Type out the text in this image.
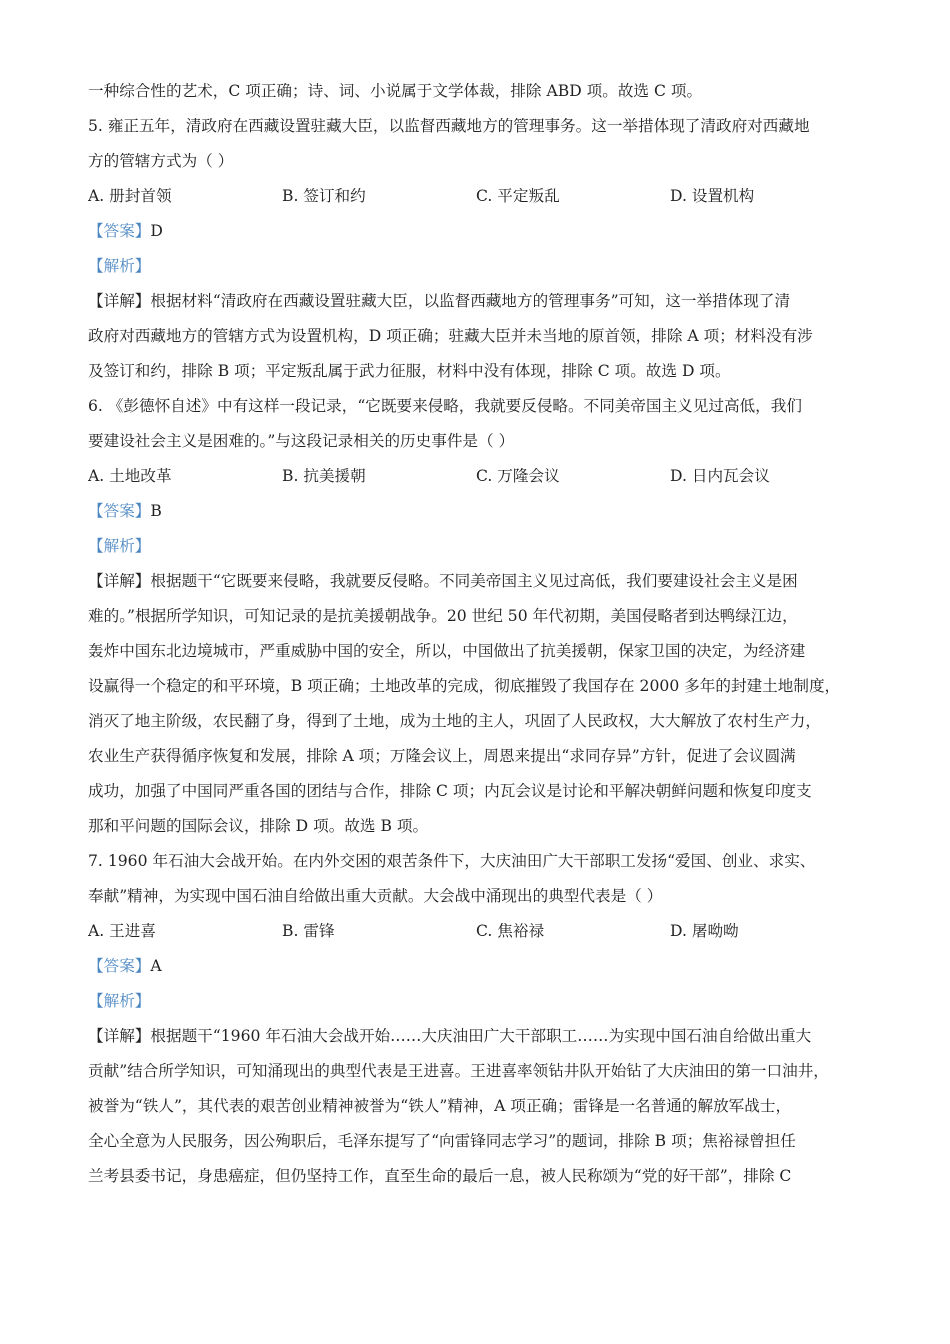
一种综合性的艺术，C 项正确；诗、词、小说属于文学体裁，排除 ABD 项。故选 C 项。
5. 雍正五年，清政府在西藏设置驻藏大臣，以监督西藏地方的管理事务。这一举措体现了清政府对西藏地
方的管辖方式为（ ）
A. 册封首领	B. 签订和约	C. 平定叛乱	D. 设置机构
【答案】D
【解析】
【详解】根据材料“清政府在西藏设置驻藏大臣，以监督西藏地方的管理事务”可知，这一举措体现了清
政府对西藏地方的管辖方式为设置机构，D 项正确；驻藏大臣并未当地的原首领，排除 A 项；材料没有涉
及签订和约，排除 B 项；平定叛乱属于武力征服，材料中没有体现，排除 C 项。故选 D 项。
6. 《彭德怀自述》中有这样一段记录，“它既要来侵略，我就要反侵略。不同美帝国主义见过高低，我们
要建设社会主义是困难的。”与这段记录相关的历史事件是（ ）
A. 土地改革	B. 抗美援朝	C. 万隆会议	D. 日内瓦会议
【答案】B
【解析】
【详解】根据题干“它既要来侵略，我就要反侵略。不同美帝国主义见过高低，我们要建设社会主义是困
难的。”根据所学知识，可知记录的是抗美援朝战争。20 世纪 50 年代初期，美国侵略者到达鸭绿江边，
轰炸中国东北边境城市，严重威胁中国的安全，所以，中国做出了抗美援朝，保家卫国的决定，为经济建
设赢得一个稳定的和平环境，B 项正确；土地改革的完成，彻底摧毁了我国存在 2000 多年的封建土地制度，
消灭了地主阶级，农民翻了身，得到了土地，成为土地的主人，巩固了人民政权，大大解放了农村生产力，
农业生产获得循序恢复和发展，排除 A 项；万隆会议上，周恩来提出“求同存异”方针，促进了会议圆满
成功，加强了中国同严重各国的团结与合作，排除 C 项；内瓦会议是讨论和平解决朝鲜问题和恢复印度支
那和平问题的国际会议，排除 D 项。故选 B 项。
7. 1960 年石油大会战开始。在内外交困的艰苦条件下，大庆油田广大干部职工发扬“爱国、创业、求实、
奉献”精神，为实现中国石油自给做出重大贡献。大会战中涌现出的典型代表是（ ）
A. 王进喜	B. 雷锋	C. 焦裕禄	D. 屠呦呦
【答案】A
【解析】
【详解】根据题干“1960 年石油大会战开始……大庆油田广大干部职工……为实现中国石油自给做出重大
贡献”结合所学知识，可知涌现出的典型代表是王进喜。王进喜率领钻井队开始钻了大庆油田的第一口油井，
被誉为“铁人”，其代表的艰苦创业精神被誉为“铁人”精神，A 项正确；雷锋是一名普通的解放军战士，
全心全意为人民服务，因公殉职后，毛泽东提写了“向雷锋同志学习”的题词，排除 B 项；焦裕禄曾担任
兰考县委书记，身患癌症，但仍坚持工作，直至生命的最后一息，被人民称颂为“党的好干部”，排除 C
